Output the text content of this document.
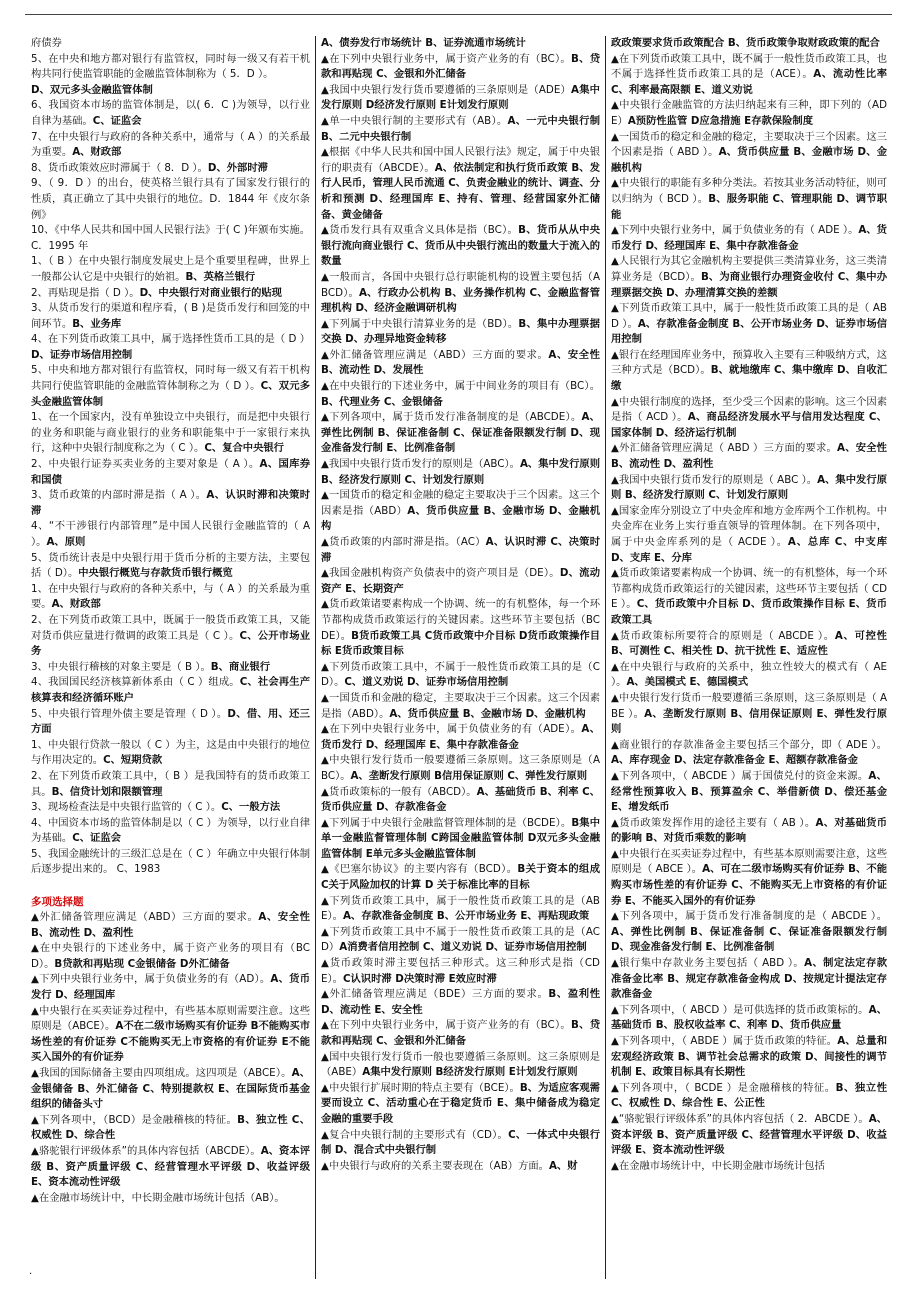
府债券

5、在中央和地方都对银行有监管权，同时每一级又有若干机构共同行使监管职能的金融监管体制称为（ 5．D ）。

D、双元多头金融监管体制

6、我国资本市场的监管体制是，以( 6．C )为领导，以行业自律为基础。C、证监会

7、在中央银行与政府的各种关系中，通常与（ A ）的关系最为重要。A、财政部

8、货币政策效应时滞属于（ 8．D ）。D、外部时滞

9、（ 9．D ）的出台，使英格兰银行具有了国家发行银行的性质，真正确立了其中央银行的地位。D．1844 年《皮尔条例》

10、《中华人民共和国中国人民银行法》于( C )年颁布实施。 C．1995 年

1、（ B ）在中央银行制度发展史上是个重要里程碑，世界上一般都公认它是中央银行的始祖。B、英格兰银行

2、再贴现是指（ D ）。D、中央银行对商业银行的贴现

3、从货币发行的渠道和程序看，( B )是货币发行和回笼的中间环节。B、业务库

4、在下列货币政策工具中，属于选择性货币工具的是（ D ）D、证券市场信用控制

5、中央和地方都对银行有监管权，同时每一级又有若干机构共同行使监管职能的金融监管体制称之为（ D ）。C、双元多头金融监管体制

1、在一个国家内，没有单独设立中央银行，而是把中央银行的业务和职能与商业银行的业务和职能集中于一家银行来执行，这种中央银行制度称之为（ C ）。C、复合中央银行

2、中央银行证券买卖业务的主要对象是（ A ）。A、国库券和国债

3、货币政策的内部时滞是指（ A ）。A、认识时滞和决策时滞

4、“不干涉银行内部管理”是中国人民银行金融监管的（ A ）。A、原则

5、货币统计表是中央银行用于货币分析的主要方法，主要包括（ D）。中央银行概览与存款货币银行概览

1、在中央银行与政府的各种关系中，与（ A ）的关系最为重要。A、财政部

2、在下列货币政策工具中，既属于一般货币政策工具，又能对货币供应量进行微调的政策工具是（ C ）。C、公开市场业务

3、中央银行稽核的对象主要是（ B ）。B、商业银行

4、我国国民经济核算新体系由（ C ）组成。C、社会再生产核算表和经济循环账户

5、中央银行管理外债主要是管理（ D ）。D、借、用、还三方面

1、中央银行贷款一般以（ C ）为主，这是由中央银行的地位与作用决定的。C、短期贷款

2、在下列货币政策工具中，（ B ）是我国特有的货币政策工具。B、信贷计划和限额管理

3、现场检查法是中央银行监管的（ C ）。C、一般方法

4、中国资本市场的监管体制是以（ C ）为领导，以行业自律为基础。C、证监会

5、我国金融统计的三级汇总是在（ C ）年确立中央银行体制后逐步提出来的。 C、1983

多项选择题

▲外汇储备管理应满足（ABD）三方面的要求。A、安全性 B、流动性 D、盈利性

▲在中央银行的下述业务中，属于资产业务的项目有（BCD）。B贷款和再贴现 C金银储备 D外汇储备

▲下列中央银行业务中，属于负债业务的有（AD）。A、货币发行 D、经理国库

▲中央银行在买卖证券过程中，有些基本原则需要注意。这些原则是（ABCE）。A不在二级市场购买有价证券 B不能购买市场性差的有价证券 C不能购买无上市资格的有价证券 E不能买入国外的有价证券

▲我国的国际储备主要由四项组成。这四项是（ABCE）。A、金银储备 B、外汇储备 C、特别提款权 E、在国际货币基金组织的储备头寸

▲下列各项中，（BCD）是金融稽核的特征。B、独立性 C、权威性 D、综合性

▲骆驼银行评级体系”的具体内容包括（ABCDE）。A、资本评级 B、资产质量评级 C、经营管理水平评级 D、收益评级 E、资本流动性评级

▲在金融市场统计中，中长期金融市场统计包括（AB）。

A、债券发行市场统计 B、证券流通市场统计

▲在下列中央银行业务中，属于资产业务的有（BC）。B、贷款和再贴现 C、金银和外汇储备

▲我国中央银行发行货币要遵循的三条原则是（ADE）A集中发行原则 D经济发行原则 E计划发行原则

▲单一中央银行制的主要形式有（AB）。A、一元中央银行制 B、二元中央银行制

▲根据《中华人民共和国中国人民银行法》规定，属于中央银行的职责有（ABCDE）。A、依法制定和执行货币政策 B、发行人民币，管理人民币流通 C、负责金融业的统计、调查、分析和预测 D、经理国库 E、持有、管理、经营国家外汇储备、黄金储备

▲货币发行具有双重含义具体是指（BC）。B、货币从从中央银行流向商业银行 C、货币从中央银行流出的数量大于流入的数量

▲一般而言，各国中央银行总行职能机构的设置主要包括（ABCD）。A、行政办公机构 B、业务操作机构 C、金融监督管理机构 D、经济金融调研机构

▲下列属于中央银行清算业务的是（BD）。B、集中办理票据交换 D、办理异地资金转移

▲外汇储备管理应满足（ABD）三方面的要求。A、安全性 B、流动性 D、发展性

▲在中央银行的下述业务中，属于中间业务的项目有（BC）。B、代理业务 C、金银储备

▲下列各项中，属于货币发行准备制度的是（ABCDE）。A、弹性比例制 B、保证准备制 C、保证准备限额发行制 D、现金准备发行制 E、比例准备制

▲我国中央银行货币发行的原则是（ABC）。A、集中发行原则 B、经济发行原则 C、计划发行原则

▲一国货币的稳定和金融的稳定主要取决于三个因素。这三个因素是指（ABD）A、货币供应量 B、金融市场 D、金融机构

▲货币政策的内部时滞是指。（AC）A、认识时滞 C、决策时滞

▲我国金融机构资产负债表中的资产项目是（DE）。D、流动资产 E、长期资产

▲货币政策诸要素构成一个协调、统一的有机整体，每一个环节都构成货币政策运行的关键因素。这些环节主要包括（BCDE）。B货币政策工具 C货币政策中介目标 D货币政策操作目标 E货币政策目标

▲下列货币政策工具中，不属于一般性货币政策工具的是（CD）。C、道义劝说 D、证券市场信用控制

▲一国货币和金融的稳定，主要取决于三个因素。这三个因素是指（ABD）。A、货币供应量 B、金融市场 D、金融机构

▲在下列中央银行业务中，属于负债业务的有（ADE）。A、货币发行 D、经理国库 E、集中存款准备金

▲中央银行发行货币一般要遵循三条原则。这三条原则是（ABC）。A、垄断发行原则 B信用保证原则 C、弹性发行原则

▲货币政策标的一般有（ABCD）。A、基础货币 B、利率 C、货币供应量 D、存款准备金

▲下列属于中央银行金融监督管理体制的是（BCDE）。B集中单一金融监督管理体制 C跨国金融监管体制 D双元多头金融监管体制 E单元多头金融监管体制

▲《巴塞尔协议》的主要内容有（BCD）。B关于资本的组成 C关于风险加权的计算 D 关于标准比率的目标

▲下列货币政策工具中，属于一般性货币政策工具的是（ABE）。A、存款准备金制度 B、公开市场业务 E、再贴现政策

▲下列货币政策工具中不属于一般性货币政策工具的是（ACD）A消费者信用控制 C、道义劝说 D、证券市场信用控制

▲货币政策时滞主要包括三种形式。这三种形式是指（CDE）。C认识时滞 D决策时滞 E效应时滞

▲外汇储备管理应满足（BDE）三方面的要求。B、盈利性 D、流动性 E、安全性

▲在下列中央银行业务中，属于资产业务的有（BC）。B、贷款和再贴现 C、金银和外汇储备

▲国中央银行发行货币一般也要遵循三条原则。这三条原则是（ABE）A集中发行原则 B经济发行原则 E计划发行原则

▲中央银行扩展时期的特点主要有（BCE）。B、为适应客观需要而设立 C、活动重心在于稳定货币 E、集中储备成为稳定金融的重要手段

▲复合中央银行制的主要形式有（CD）。C、一体式中央银行制 D、混合式中央银行制

▲中央银行与政府的关系主要表现在（AB）方面。A、财

政政策要求货币政策配合 B、货币政策争取财政政策的配合

▲在下列货币政策工具中，既不属于一般性货币政策工具，也不属于选择性货币政策工具的是（ACE）。A、流动性比率 C、利率最高限额 E、道义劝说

▲中央银行金融监管的方法归纳起来有三种，即下列的（ADE）A预防性监管 D应急措施 E存款保险制度

▲一国货币的稳定和金融的稳定，主要取决于三个因素。这三个因素是指（ ABD ）。A、货币供应量 B、金融市场 D、金融机构

▲中央银行的职能有多种分类法。若按其业务活动特征，则可以归纳为（ BCD ）。B、服务职能 C、管理职能 D、调节职能

▲下列中央银行业务中，属于负债业务的有（ ADE ）。A、货币发行 D、经理国库 E、集中存款准备金

▲人民银行为其它金融机构主要提供三类清算业务，这三类清算业务是（BCD）。B、为商业银行办理资金收付 C、集中办理票据交换 D、办理清算交换的差额

▲下列货币政策工具中，属于一般性货币政策工具的是（ ABD ）。A、存款准备金制度 B、公开市场业务 D、证券市场信用控制

▲银行在经理国库业务中，预算收入主要有三种吸纳方式，这三种方式是（BCD）。B、就地缴库 C、集中缴库 D、自收汇缴

▲中央银行制度的选择，至少受三个因素的影响。这三个因素是指（ ACD ）。A、商品经济发展水平与信用发达程度 C、国家体制 D、经济运行机制

▲外汇储备管理应满足（ ABD ）三方面的要求。A、安全性 B、流动性 D、盈利性

▲我国中央银行货币发行的原则是（ ABC ）。A、集中发行原则 B、经济发行原则 C、计划发行原则

▲国家金库分别设立了中央金库和地方金库两个工作机构。中央金库在业务上实行垂直领导的管理体制。在下列各项中，属于中央金库系列的是（ ACDE ）。A、总库 C、中支库 D、支库 E、分库

▲货币政策诸要素构成一个协调、统一的有机整体，每一个环节都构成货币政策运行的关键因素，这些环节主要包括（ CDE ）。C、货币政策中介目标 D、货币政策操作目标 E、货币政策工具

▲货币政策标所要符合的原则是（ ABCDE ）。A、可控性 B、可测性 C、相关性 D、抗干扰性 E、适应性

▲在中央银行与政府的关系中，独立性较大的模式有（ AE ）。A、美国模式 E、德国模式

▲中央银行发行货币一般要遵循三条原则，这三条原则是（ ABE ）。A、垄断发行原则 B、信用保证原则 E、弹性发行原则

▲商业银行的存款准备金主要包括三个部分，即（ ADE ）。A、库存现金 D、法定存款准备金 E、超额存款准备金

▲下列各项中，（ ABCDE ）属于国债兑付的资金来源。A、经常性预算收入 B、预算盈余 C、举借新债 D、偿还基金 E、增发纸币

▲货币政策发挥作用的途径主要有（ AB ）。A、对基础货币的影响 B、对货币乘数的影响

▲中央银行在买卖证券过程中，有些基本原则需要注意，这些原则是（ ABCE ）。A、可在二级市场购买有价证券 B、不能购买市场性差的有价证券 C、不能购买无上市资格的有价证券 E、不能买入国外的有价证券

▲下列各项中，属于货币发行准备制度的是（ ABCDE ）。A、弹性比例制 B、保证准备制 C、保证准备限额发行制 D、现金准备发行制 E、比例准备制

▲银行集中存款业务主要包括（ ABD ）。A、制定法定存款准备金比率 B、规定存款准备金构成 D、按规定计提法定存款准备金

▲下列各项中，（ ABCD ）是可供选择的货币政策标的。A、基础货币 B、股权收益率 C、利率 D、货币供应量

▲下列各项中，（ ABDE ）属于货币政策的特征。A、总量和宏观经济政策 B、调节社会总需求的政策 D、间接性的调节机制 E、政策目标具有长期性

▲下列各项中，（ BCDE ）是金融稽核的特征。B、独立性 C、权威性 D、综合性 E、公正性

▲“骆驼银行评级体系”的具体内容包括（ 2．ABCDE ）。A、资本评级 B、资产质量评级 C、经营管理水平评级 D、收益评级 E、资本流动性评级

▲在金融市场统计中，中长期金融市场统计包括

.
